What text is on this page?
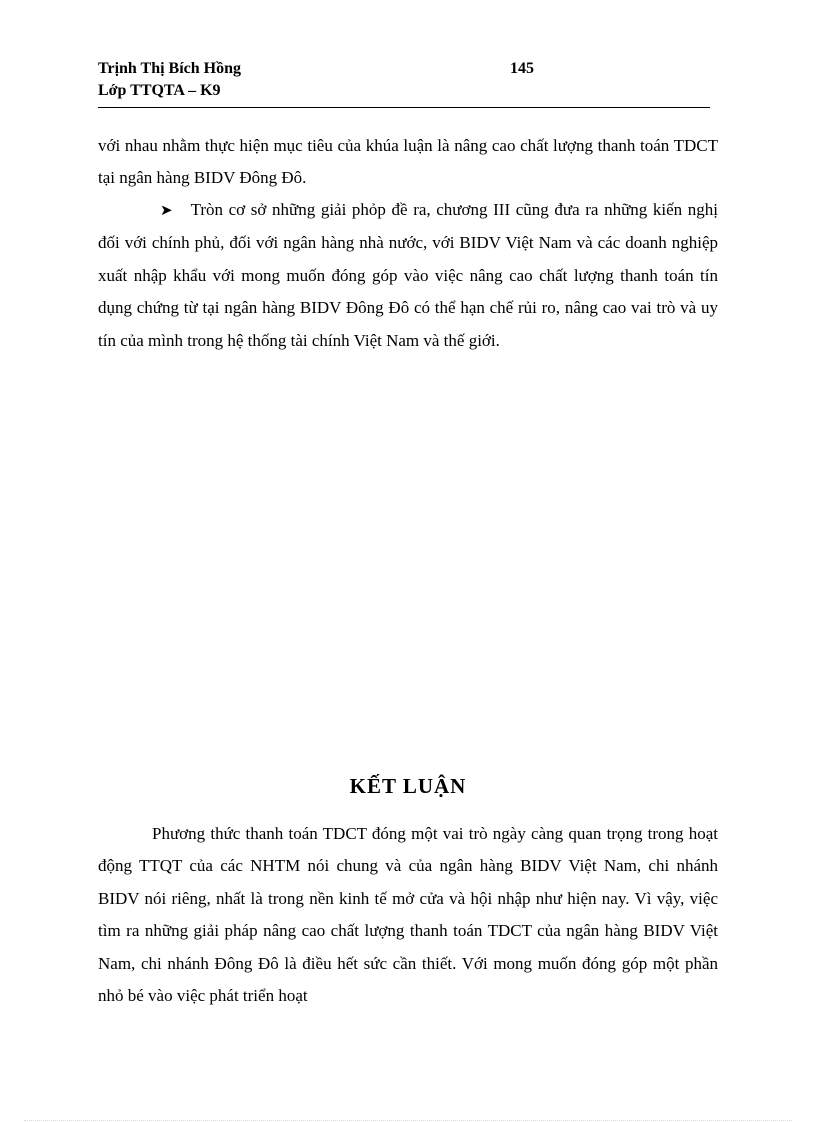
Trịnh Thị Bích Hồng
Lớp TTQTA – K9
145
với nhau nhằm thực hiện mục tiêu của khúa luận là nâng cao chất lượng thanh toán TDCT tại ngân hàng BIDV Đông Đô.
➤ Tròn cơ sở những giải phỏp đề ra, chương III cũng đưa ra những kiến nghị đối với chính phủ, đối với ngân hàng nhà nước, với BIDV Việt Nam và các doanh nghiệp xuất nhập khẩu với mong muốn đóng góp vào việc nâng cao chất lượng thanh toán tín dụng chứng từ tại ngân hàng BIDV Đông Đô có thể hạn chế rủi ro, nâng cao vai trò và uy tín của mình trong hệ thống tài chính Việt Nam và thế giới.
KẾT LUẬN
Phương thức thanh toán TDCT đóng một vai trò ngày càng quan trọng trong hoạt động TTQT của các NHTM nói chung và của ngân hàng BIDV Việt Nam, chi nhánh BIDV nói riêng, nhất là trong nền kinh tế mở cửa và hội nhập như hiện nay. Vì vậy, việc tìm ra những giải pháp nâng cao chất lượng thanh toán TDCT của ngân hàng BIDV Việt Nam, chi nhánh Đông Đô là điều hết sức cần thiết. Với mong muốn đóng góp một phần nhỏ bé vào việc phát triển hoạt
